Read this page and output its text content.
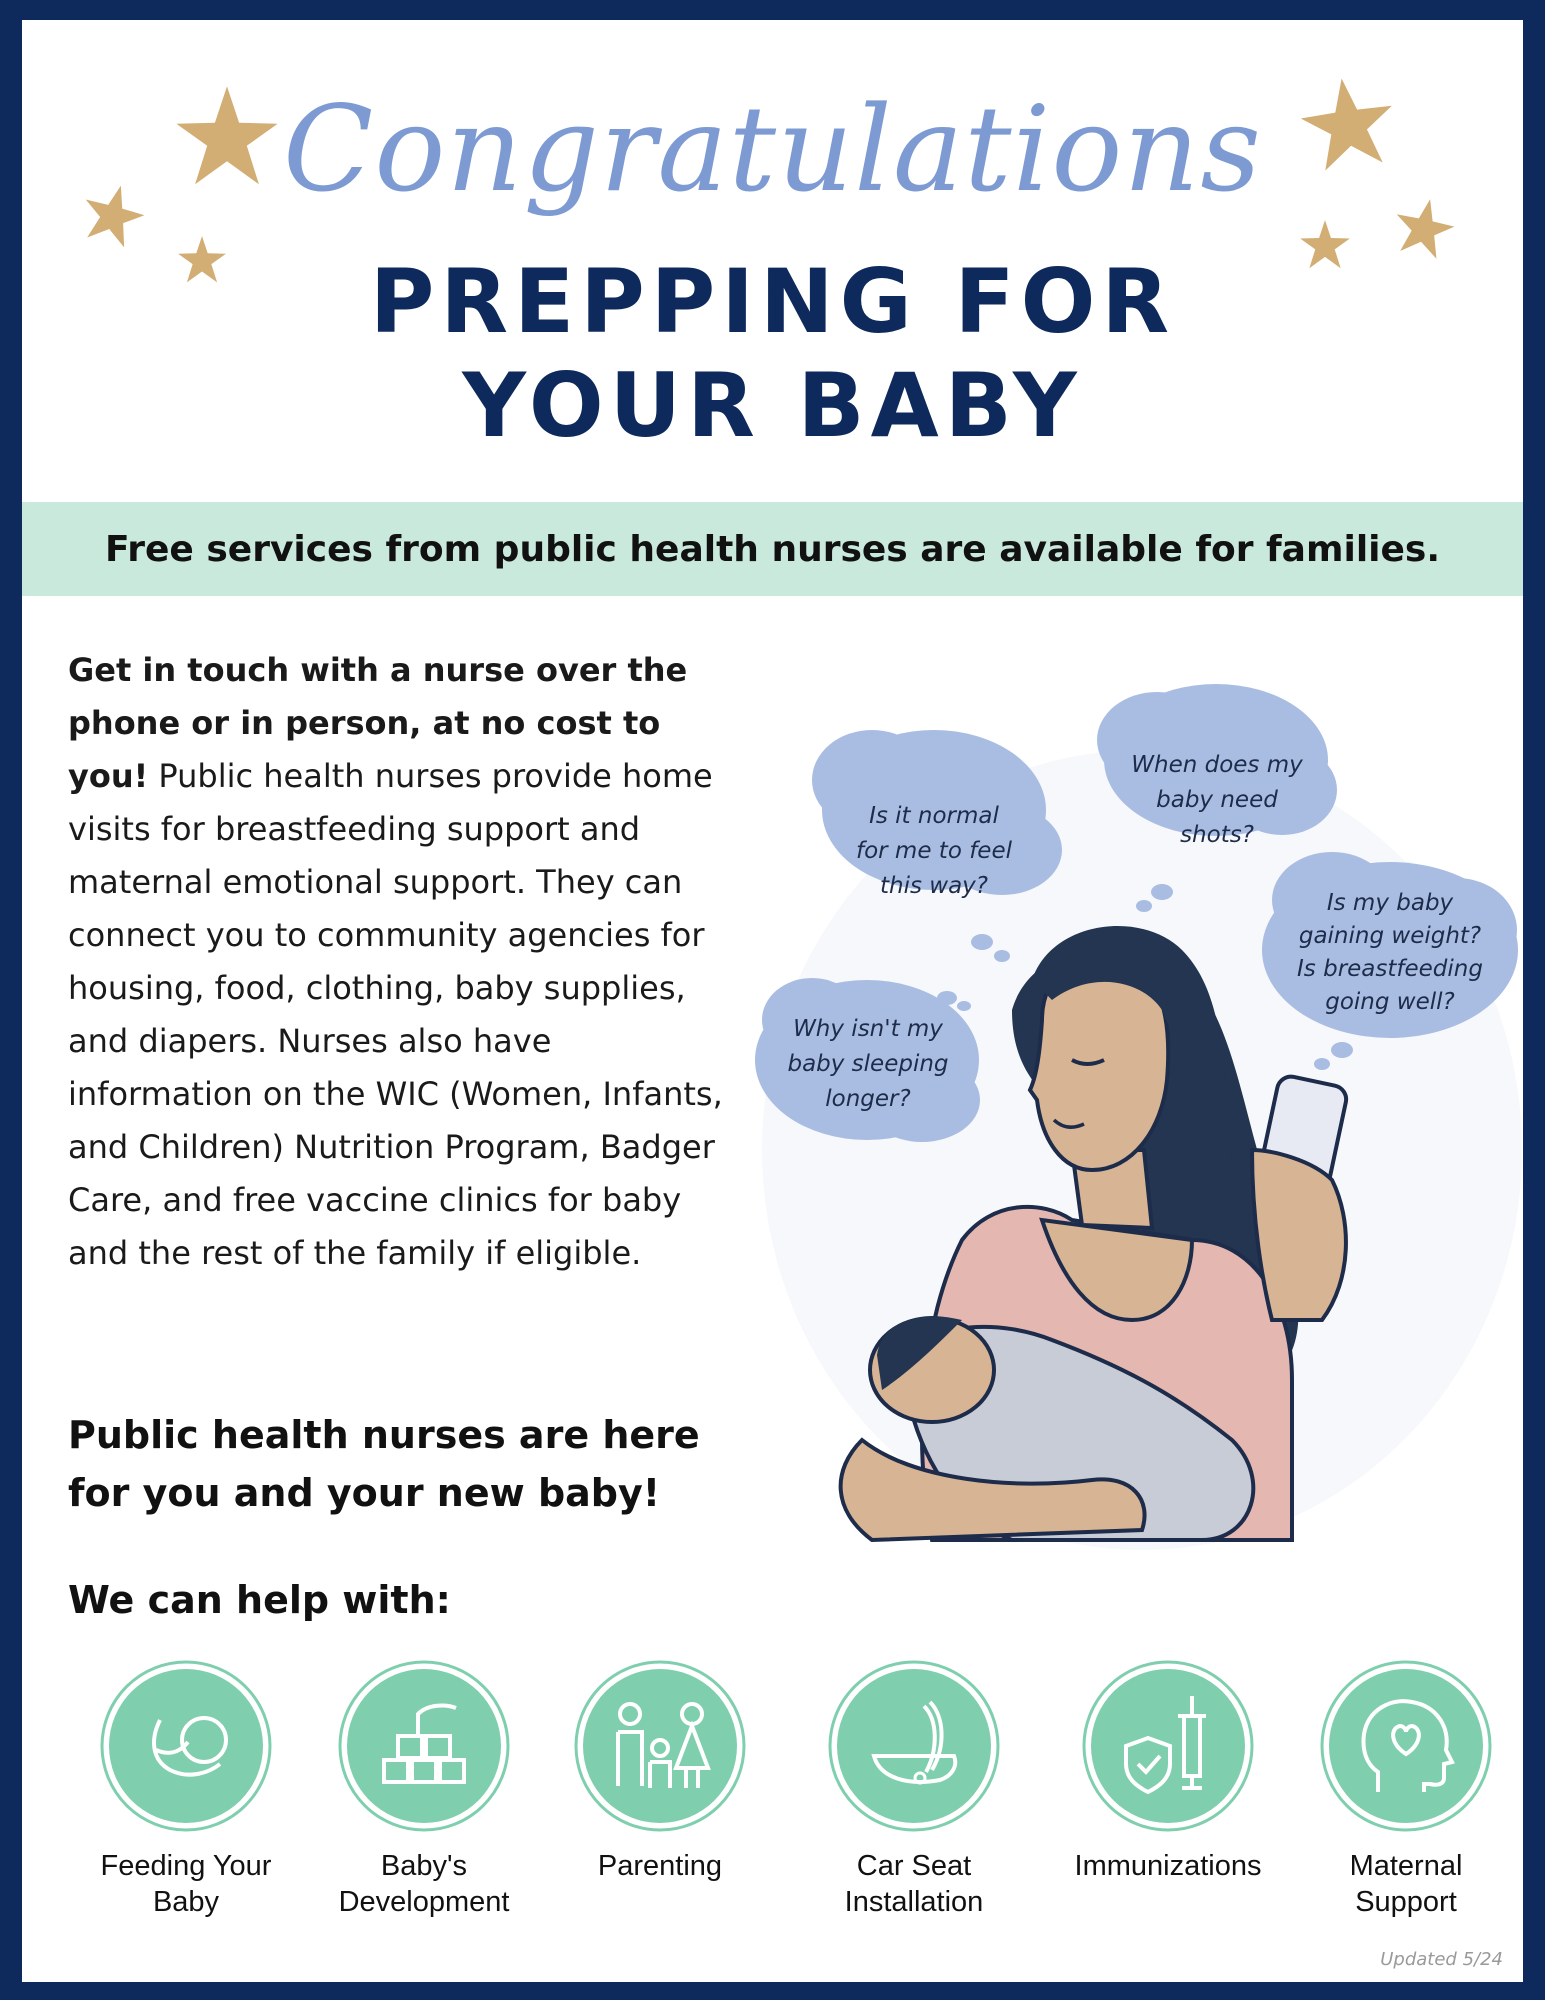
Congratulations
PREPPING FOR
YOUR BABY
Free services from public health nurses are available for families.
Get in touch with a nurse over the phone or in person, at no cost to you! Public health nurses provide home visits for breastfeeding support and maternal emotional support. They can connect you to community agencies for housing, food, clothing, baby supplies, and diapers. Nurses also have information on the WIC (Women, Infants, and Children) Nutrition Program, Badger Care, and free vaccine clinics for baby and the rest of the family if eligible.
Public health nurses are here for you and your new baby!
We can help with:
Is it normal
for me to feel
this way?
When does my
baby need
shots?
Is my baby
gaining weight?
Is breastfeeding
going well?
Why isn't my
baby sleeping
longer?
Feeding Your
Baby
Baby's
Development
Parenting	Car Seat
Installation
Immunizations	Maternal
Support
Updated 5/24
